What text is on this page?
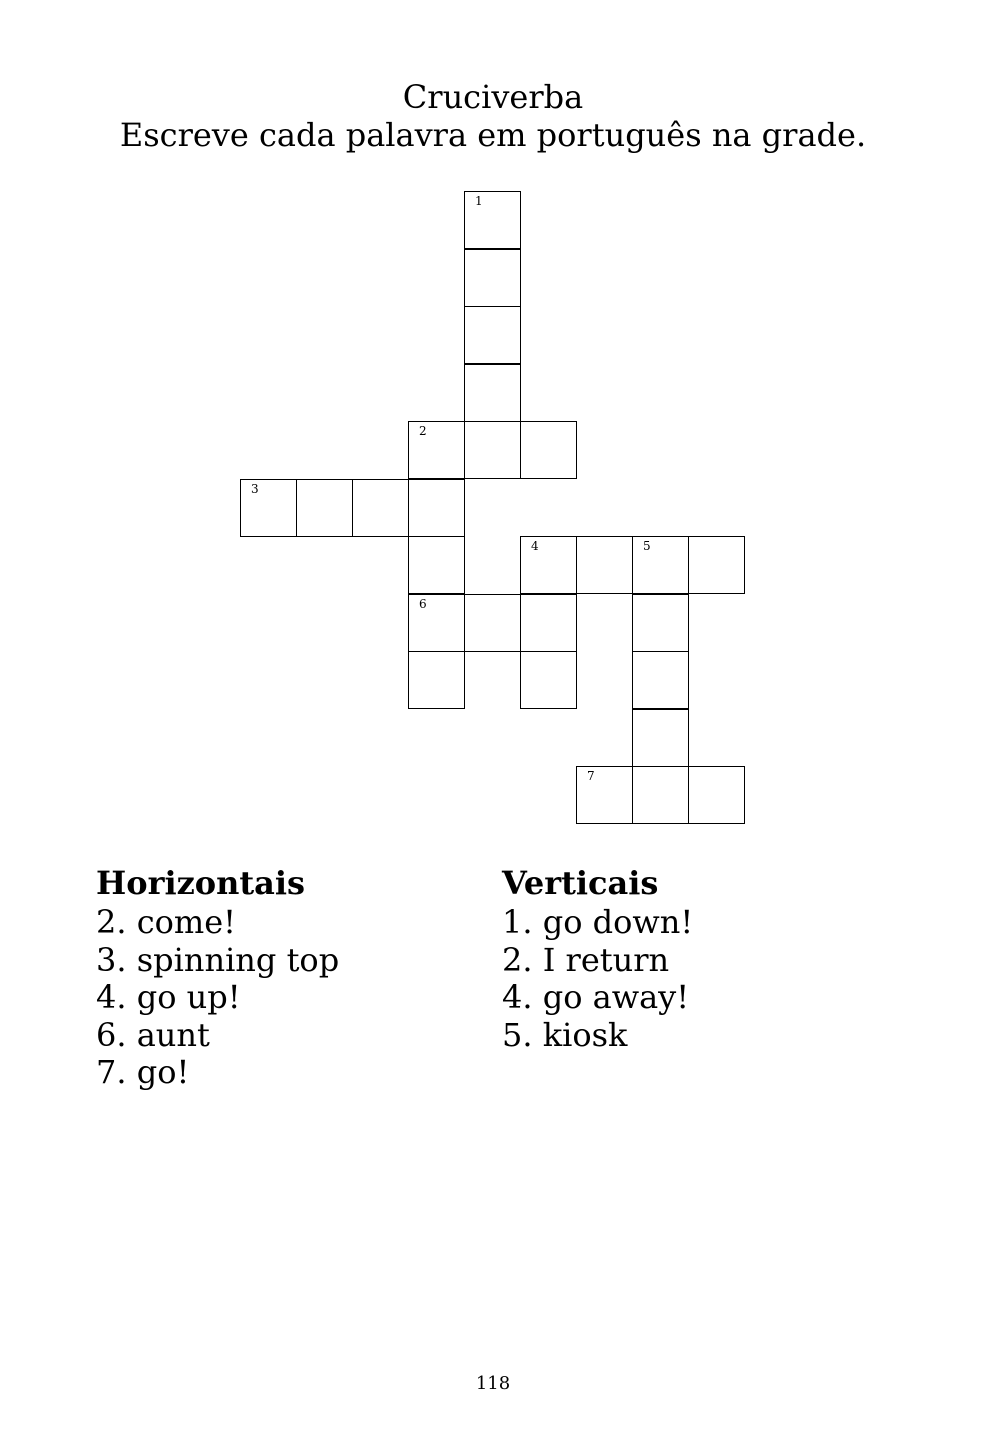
Cruciverba
Escreve cada palavra em português na grade.
1
2
3
4	5
6
7
Horizontais
2. come!
3. spinning top
4. go up!
6. aunt
7. go!
Verticais
1. go down!
2. I return
4. go away!
5. kiosk
118
